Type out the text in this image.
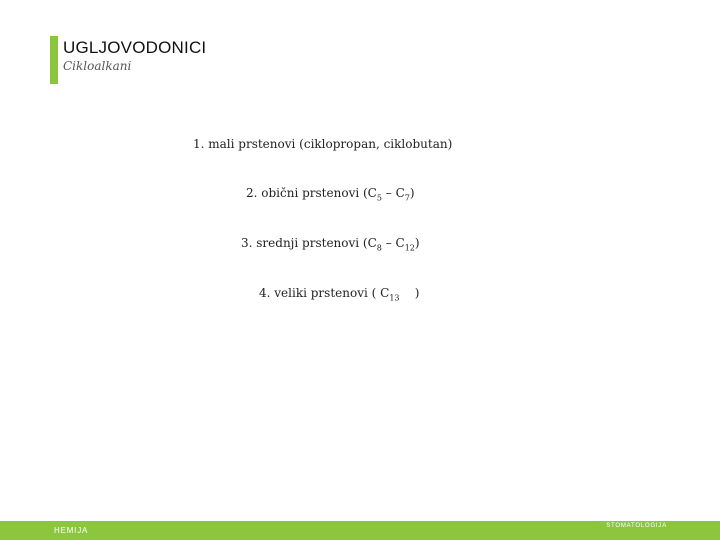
UGLJOVODONICI
Cikloalkani
1. mali prstenovi (ciklopropan, ciklobutan)
2. obični prstenovi $(C_5 - C_7)$
3. srednji prstenovi $(C_8 - C_{12})$
4. veliki prstenovi ( $C_{13}$    )
HEMIJA	STOMATOLOGIJA
